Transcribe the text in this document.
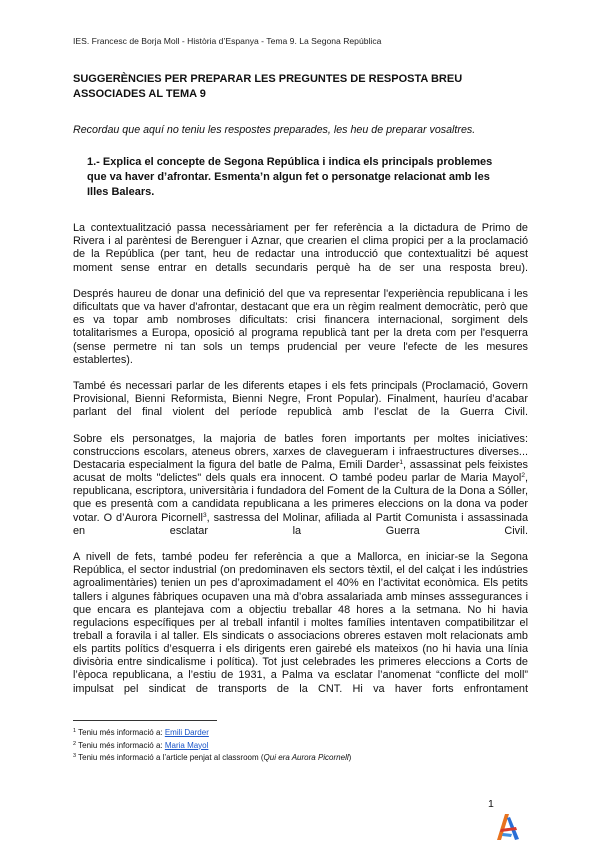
IES. Francesc de Borja Moll - Història d’Espanya - Tema 9. La Segona República
SUGGERÈNCIES PER PREPARAR LES PREGUNTES DE RESPOSTA BREU
ASSOCIADES AL TEMA 9
Recordau que aquí no teniu les respostes preparades, les heu de preparar vosaltres.
1.- Explica el concepte de Segona República i indica els principals problemes
que va haver d’afrontar. Esmenta’n algun fet o personatge relacionat amb les
Illes Balears.

La contextualització passa necessàriament per fer referència a la dictadura de Primo de Rivera i al parèntesi de Berenguer i Aznar, que crearien el clima propici per a la proclamació de la República (per tant, heu de redactar una introducció que contextualitzi bé aquest moment sense entrar en detalls secundaris perquè ha de ser una resposta breu).

Després haureu de donar una definició del que va representar l'experiència republicana i les dificultats que va haver d'afrontar, destacant que era un règim realment democràtic, però que es va topar amb nombroses dificultats: crisi financera internacional, sorgiment dels totalitarismes a Europa, oposició al programa republicà tant per la dreta com per l'esquerra (sense permetre ni tan sols un temps prudencial per veure l'efecte de les mesures establertes).

També és necessari parlar de les diferents etapes i els fets principals (Proclamació, Govern Provisional, Bienni Reformista, Bienni Negre, Front Popular). Finalment, hauríeu d’acabar parlant del final violent del període republicà amb l’esclat de la Guerra Civil.

Sobre els personatges, la majoria de batles foren importants per moltes iniciatives: construccions escolars, ateneus obrers, xarxes de clavegueram i infraestructures diverses... Destacaria especialment la figura del batle de Palma, Emili Darder$^1$, assassinat pels feixistes acusat de molts "delictes" dels quals era innocent. O també podeu parlar de Maria Mayol$^2$, republicana, escriptora, universitària i fundadora del Foment de la Cultura de la Dona a Sóller, que es presentà com a candidata republicana a les primeres eleccions on la dona va poder votar. O d’Aurora Picornell$^3$, sastressa del Molinar, afiliada al Partit Comunista i assassinada en esclatar la Guerra Civil.

A nivell de fets, també podeu fer referència a que a Mallorca, en iniciar-se la Segona República, el sector industrial (on predominaven els sectors tèxtil, el del calçat i les indústries agroalimentàries) tenien un pes d’aproximadament el 40% en l’activitat econòmica. Els petits tallers i algunes fàbriques ocupaven una mà d’obra assalariada amb minses asssegurances i que encara es plantejava com a objectiu treballar 48 hores a la setmana. No hi havia regulacions específiques per al treball infantil i moltes famílies intentaven compatibilitzar el treball a foravila i al taller. Els sindicats o associacions obreres estaven molt relacionats amb els partits polítics d’esquerra i els dirigents eren gairebé els mateixos (no hi havia una línia divisòria entre sindicalisme i política). Tot just celebrades les primeres eleccions a Corts de l’època republicana, a l’estiu de 1931, a Palma va esclatar l’anomenat “conflicte del moll” impulsat pel sindicat de transports de la CNT. Hi va haver forts enfrontament

$^1$ Teniu més informació a: Emili Darder
$^2$ Teniu més informació a: Maria Mayol
$^3$ Teniu més informació a l’article penjat al classroom (Qui era Aurora Picornell)
1
